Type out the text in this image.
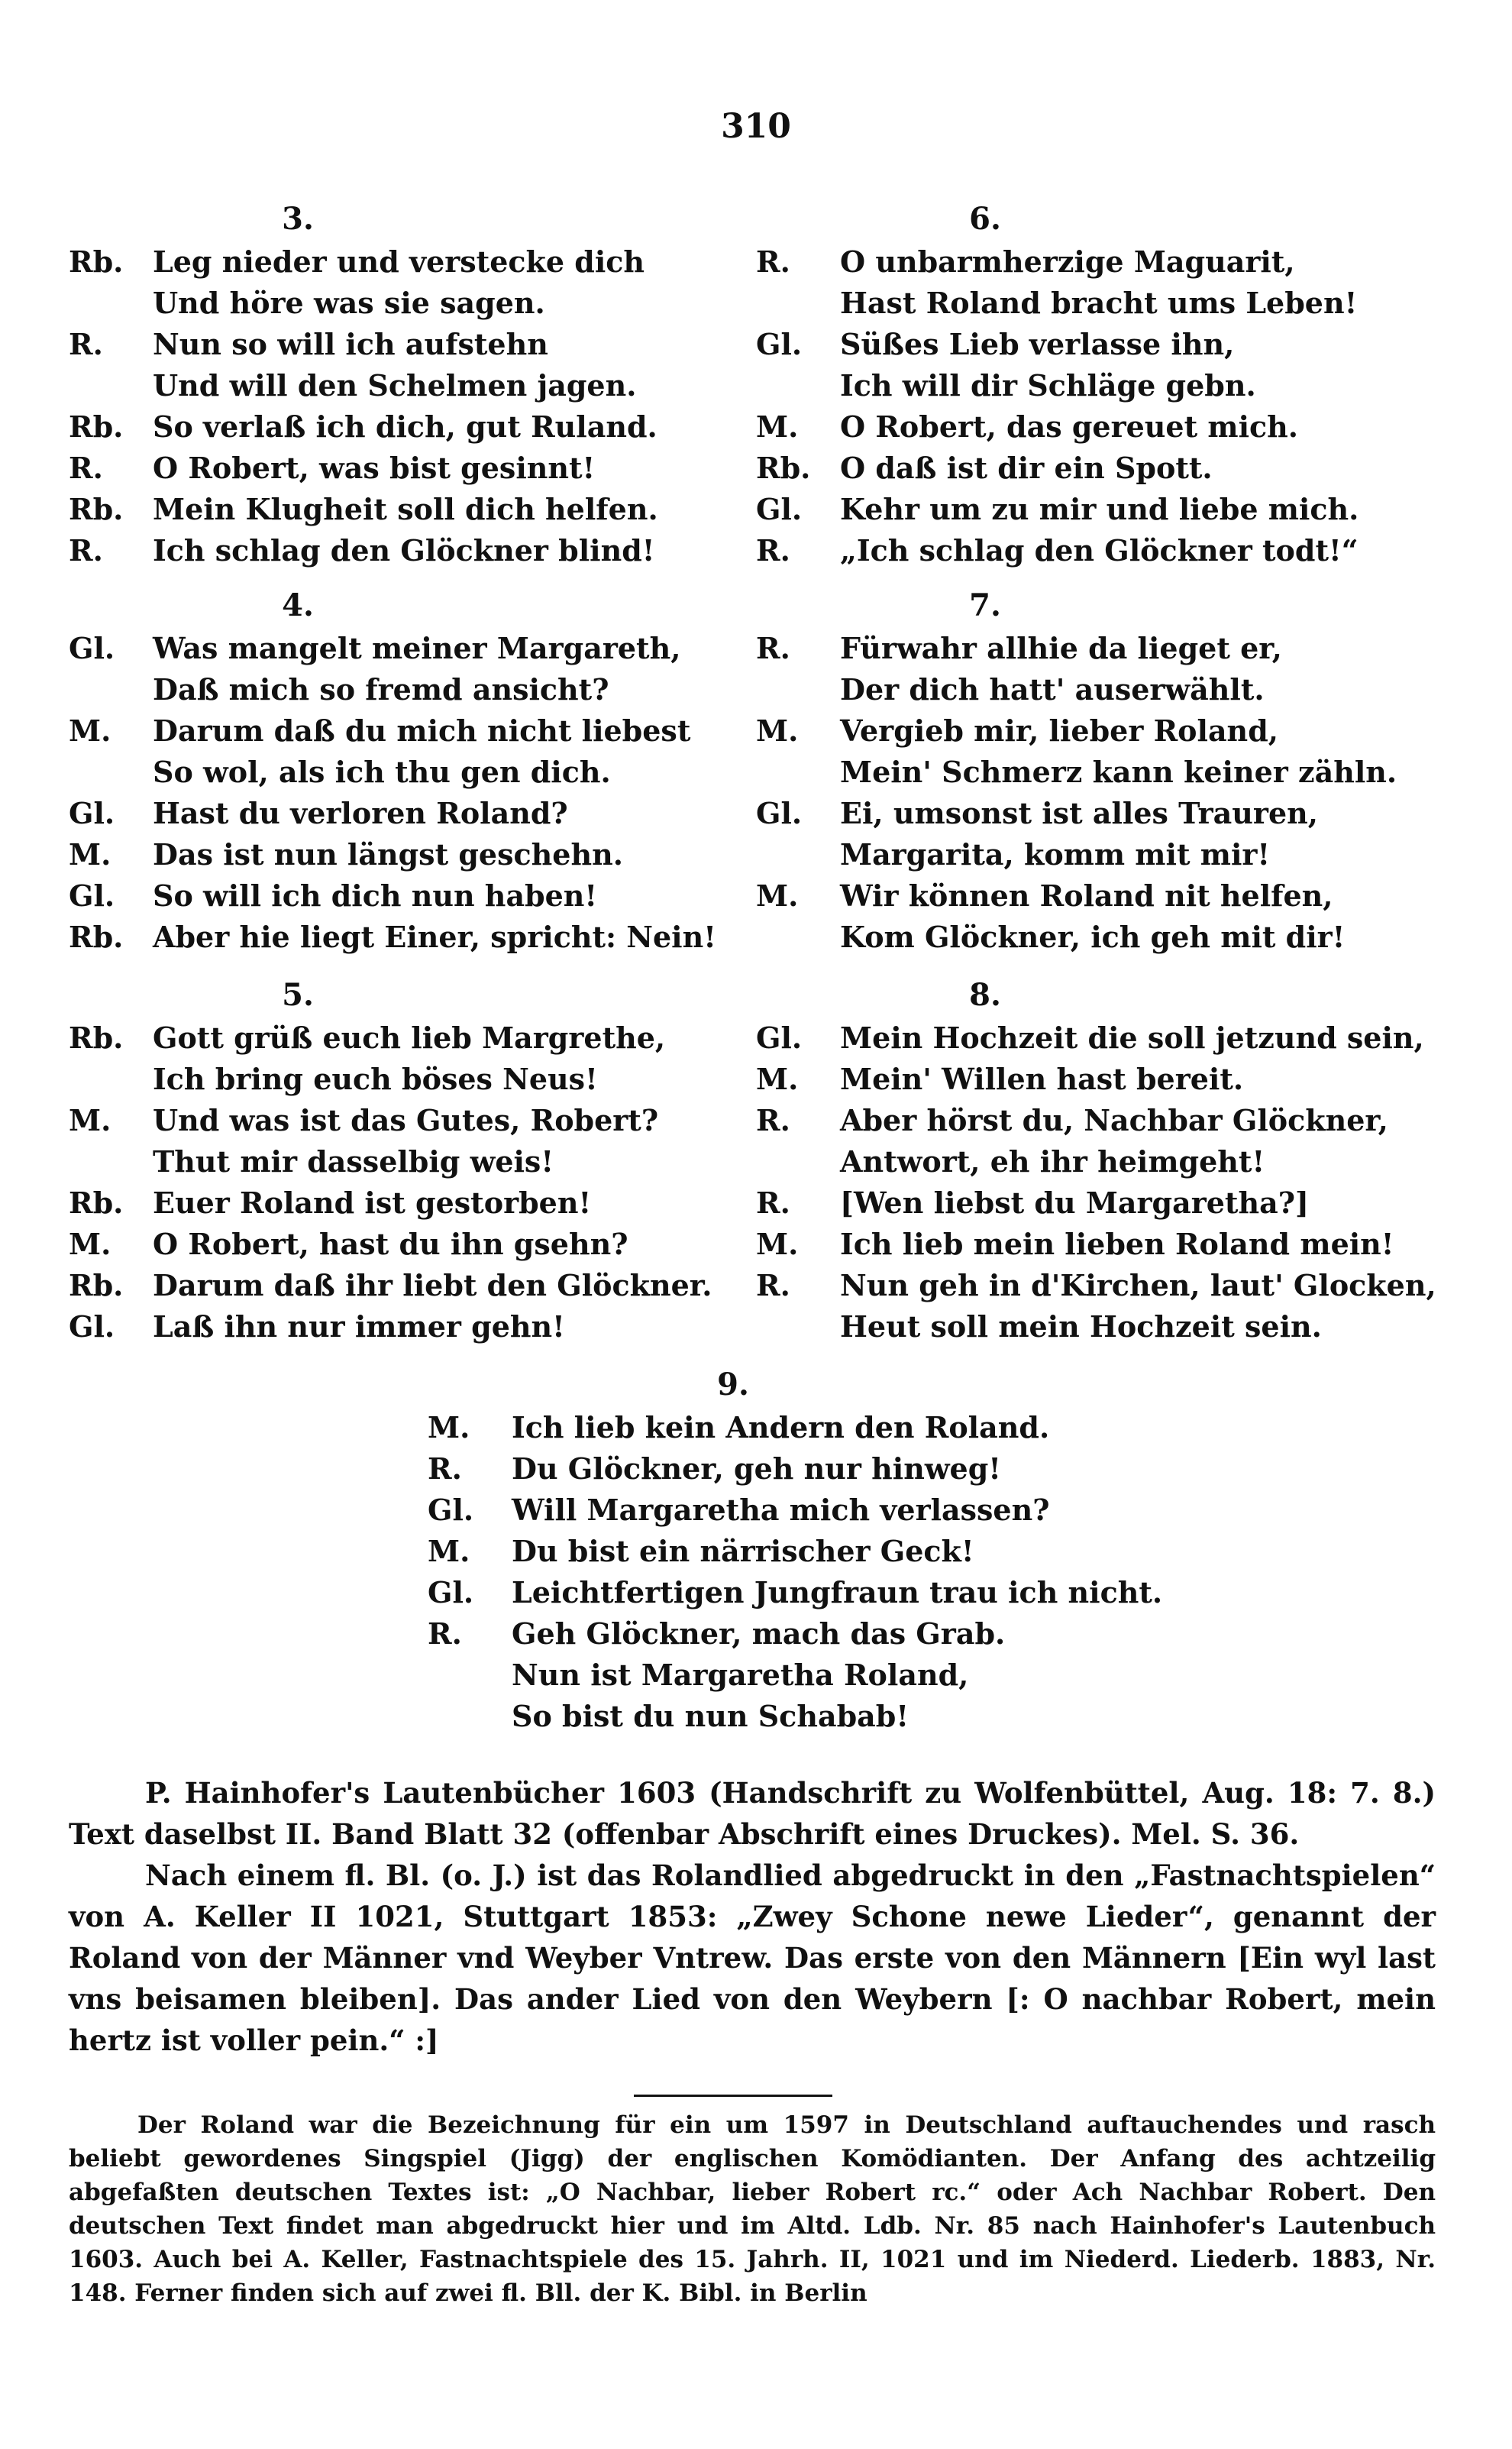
310
3.
Rb.	Leg nieder und verstecke dich
Und höre was sie sagen.
R.	Nun so will ich aufstehn
Und will den Schelmen jagen.
Rb.	So verlaß ich dich, gut Ruland.
R.	O Robert, was bist gesinnt!
Rb.	Mein Klugheit soll dich helfen.
R.	Ich schlag den Glöckner blind!
4.
Gl.	Was mangelt meiner Margareth,
Daß mich so fremd ansicht?
M.	Darum daß du mich nicht liebest
So wol, als ich thu gen dich.
Gl.	Hast du verloren Roland?
M.	Das ist nun längst geschehn.
Gl.	So will ich dich nun haben!
Rb.	Aber hie liegt Einer, spricht: Nein!
5.
Rb.	Gott grüß euch lieb Margrethe,
Ich bring euch böses Neus!
M.	Und was ist das Gutes, Robert?
Thut mir dasselbig weis!
Rb.	Euer Roland ist gestorben!
M.	O Robert, hast du ihn gsehn?
Rb.	Darum daß ihr liebt den Glöckner.
Gl.	Laß ihn nur immer gehn!
6.
R.	O unbarmherzige Maguarit,
Hast Roland bracht ums Leben!
Gl.	Süßes Lieb verlasse ihn,
Ich will dir Schläge gebn.
M.	O Robert, das gereuet mich.
Rb.	O daß ist dir ein Spott.
Gl.	Kehr um zu mir und liebe mich.
R.	„Ich schlag den Glöckner todt!“
7.
R.	Fürwahr allhie da lieget er,
Der dich hatt' auserwählt.
M.	Vergieb mir, lieber Roland,
Mein' Schmerz kann keiner zähln.
Gl.	Ei, umsonst ist alles Trauren,
Margarita, komm mit mir!
M.	Wir können Roland nit helfen,
Kom Glöckner, ich geh mit dir!
8.
Gl.	Mein Hochzeit die soll jetzund sein,
M.	Mein' Willen hast bereit.
R.	Aber hörst du, Nachbar Glöckner,
Antwort, eh ihr heimgeht!
R.	[Wen liebst du Margaretha?]
M.	Ich lieb mein lieben Roland mein!
R.	Nun geh in d'Kirchen, laut' Glocken,
Heut soll mein Hochzeit sein.
9.
M.	Ich lieb kein Andern den Roland.
R.	Du Glöckner, geh nur hinweg!
Gl.	Will Margaretha mich verlassen?
M.	Du bist ein närrischer Geck!
Gl.	Leichtfertigen Jungfraun trau ich nicht.
R.	Geh Glöckner, mach das Grab.
Nun ist Margaretha Roland,
So bist du nun Schabab!

P. Hainhofer's Lautenbücher 1603 (Handschrift zu Wolfenbüttel, Aug. 18: 7. 8.) Text daselbst II. Band Blatt 32 (offenbar Abschrift eines Druckes). Mel. S. 36.

Nach einem fl. Bl. (o. J.) ist das Rolandlied abgedruckt in den „Fastnachtspielen“ von A. Keller II 1021, Stuttgart 1853: „Zwey Schone newe Lieder“, genannt der Roland von der Männer vnd Weyber Vntrew. Das erste von den Männern [Ein wyl last vns beisamen bleiben]. Das ander Lied von den Weybern [: O nachbar Robert, mein hertz ist voller pein.“ :]

Der Roland war die Bezeichnung für ein um 1597 in Deutschland auftauchendes und rasch beliebt gewordenes Singspiel (Jigg) der englischen Komödianten. Der Anfang des achtzeilig abgefaßten deutschen Textes ist: „O Nachbar, lieber Robert rc.“ oder Ach Nachbar Robert. Den deutschen Text findet man abgedruckt hier und im Altd. Ldb. Nr. 85 nach Hainhofer's Lautenbuch 1603. Auch bei A. Keller, Fastnachtspiele des 15. Jahrh. II, 1021 und im Niederd. Liederb. 1883, Nr. 148. Ferner finden sich auf zwei fl. Bll. der K. Bibl. in Berlin
